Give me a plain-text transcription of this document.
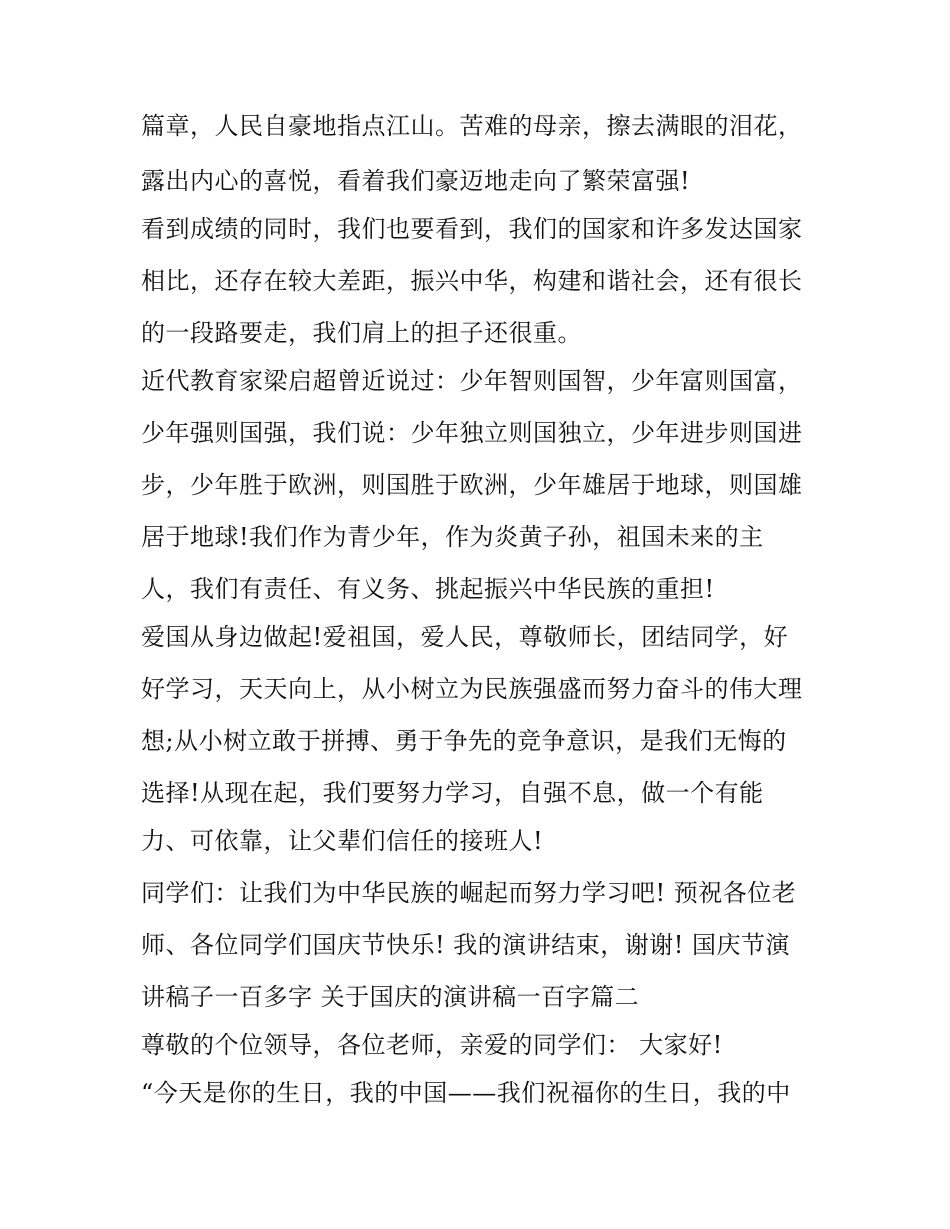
篇章，人民自豪地指点江山。苦难的母亲，擦去满眼的泪花，
露出内心的喜悦，看着我们豪迈地走向了繁荣富强!
看到成绩的同时，我们也要看到，我们的国家和许多发达国家
相比，还存在较大差距，振兴中华，构建和谐社会，还有很长
的一段路要走，我们肩上的担子还很重。
近代教育家梁启超曾近说过：少年智则国智，少年富则国富，
少年强则国强，我们说：少年独立则国独立，少年进步则国进
步，少年胜于欧洲，则国胜于欧洲，少年雄居于地球，则国雄
居于地球!我们作为青少年，作为炎黄子孙，祖国未来的主
人，我们有责任、有义务、挑起振兴中华民族的重担!
爱国从身边做起!爱祖国，爱人民，尊敬师长，团结同学，好
好学习，天天向上，从小树立为民族强盛而努力奋斗的伟大理
想;从小树立敢于拼搏、勇于争先的竞争意识，是我们无悔的
选择!从现在起，我们要努力学习，自强不息，做一个有能
力、可依靠，让父辈们信任的接班人!
同学们：让我们为中华民族的崛起而努力学习吧! 预祝各位老
师、各位同学们国庆节快乐! 我的演讲结束，谢谢! 国庆节演
讲稿子一百多字 关于国庆的演讲稿一百字篇二
尊敬的个位领导，各位老师，亲爱的同学们： 大家好!
“今天是你的生日，我的中国——我们祝福你的生日，我的中
